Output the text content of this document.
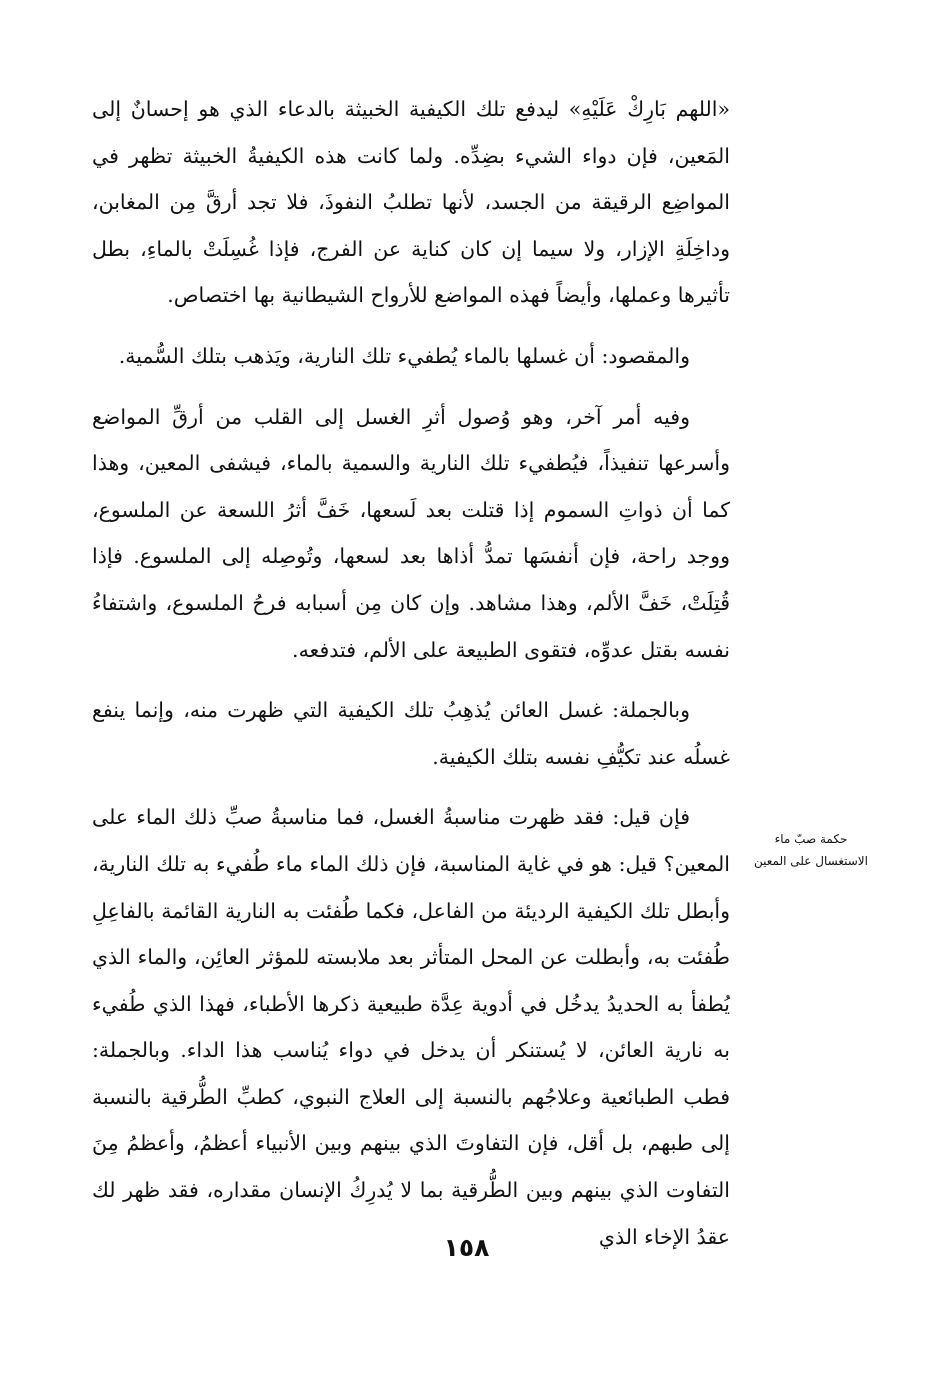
«اللهم بَارِكْ عَلَيْهِ» ليدفع تلك الكيفية الخبيثة بالدعاء الذي هو إحسانٌ إلى المَعين، فإن دواء الشيء بضِدِّه. ولما كانت هذه الكيفيةُ الخبيثة تظهر في المواضِع الرقيقة من الجسد، لأنها تطلبُ النفوذَ، فلا تجد أرقَّ مِن المغابن، وداخِلَةِ الإزار، ولا سيما إن كان كناية عن الفرج، فإذا غُسِلَتْ بالماءِ، بطل تأثيرها وعملها، وأيضاً فهذه المواضع للأرواح الشيطانية بها اختصاص.

والمقصود: أن غسلها بالماء يُطفيء تلك النارية، ويَذهب بتلك السُّمية.

وفيه أمر آخر، وهو وُصول أثرِ الغسل إلى القلب من أرقِّ المواضع وأسرعها تنفيذاً، فيُطفيء تلك النارية والسمية بالماء، فيشفى المعين، وهذا كما أن ذواتِ السموم إذا قتلت بعد لَسعها، خَفَّ أثرُ اللسعة عن الملسوع، ووجد راحة، فإن أنفسَها تمدُّ أذاها بعد لسعها، وتُوصِله إلى الملسوع. فإذا قُتِلَتْ، خَفَّ الألم، وهذا مشاهد. وإن كان مِن أسبابه فرحُ الملسوع، واشتفاءُ نفسه بقتل عدوِّه، فتقوى الطبيعة على الألم، فتدفعه.

وبالجملة: غسل العائن يُذهِبُ تلك الكيفية التي ظهرت منه، وإنما ينفع غسلُه عند تكيُّفِ نفسه بتلك الكيفية.

فإن قيل: فقد ظهرت مناسبةُ الغسل، فما مناسبةُ صبِّ ذلك الماء على المعين؟ قيل: هو في غاية المناسبة، فإن ذلك الماء ماء طُفيء به تلك النارية، وأبطل تلك الكيفية الرديئة من الفاعل، فكما طُفئت به النارية القائمة بالفاعِلِ طُفئت به، وأبطلت عن المحل المتأثر بعد ملابسته للمؤثر العائِن، والماء الذي يُطفأ به الحديدُ يدخُل في أدوية عِدَّة طبيعية ذكرها الأطباء، فهذا الذي طُفيء به نارية العائن، لا يُستنكر أن يدخل في دواء يُناسب هذا الداء. وبالجملة: فطب الطبائعية وعلاجُهم بالنسبة إلى العلاج النبوي، كطبِّ الطُّرقية بالنسبة إلى طبهم، بل أقل، فإن التفاوتَ الذي بينهم وبين الأنبياء أعظمُ، وأعظمُ مِنَ التفاوت الذي بينهم وبين الطُّرقية بما لا يُدرِكُ الإنسان مقداره، فقد ظهر لك عقدُ الإخاء الذي

حكمة صبّ ماء
الاستغسال على المعين
١٥٨
